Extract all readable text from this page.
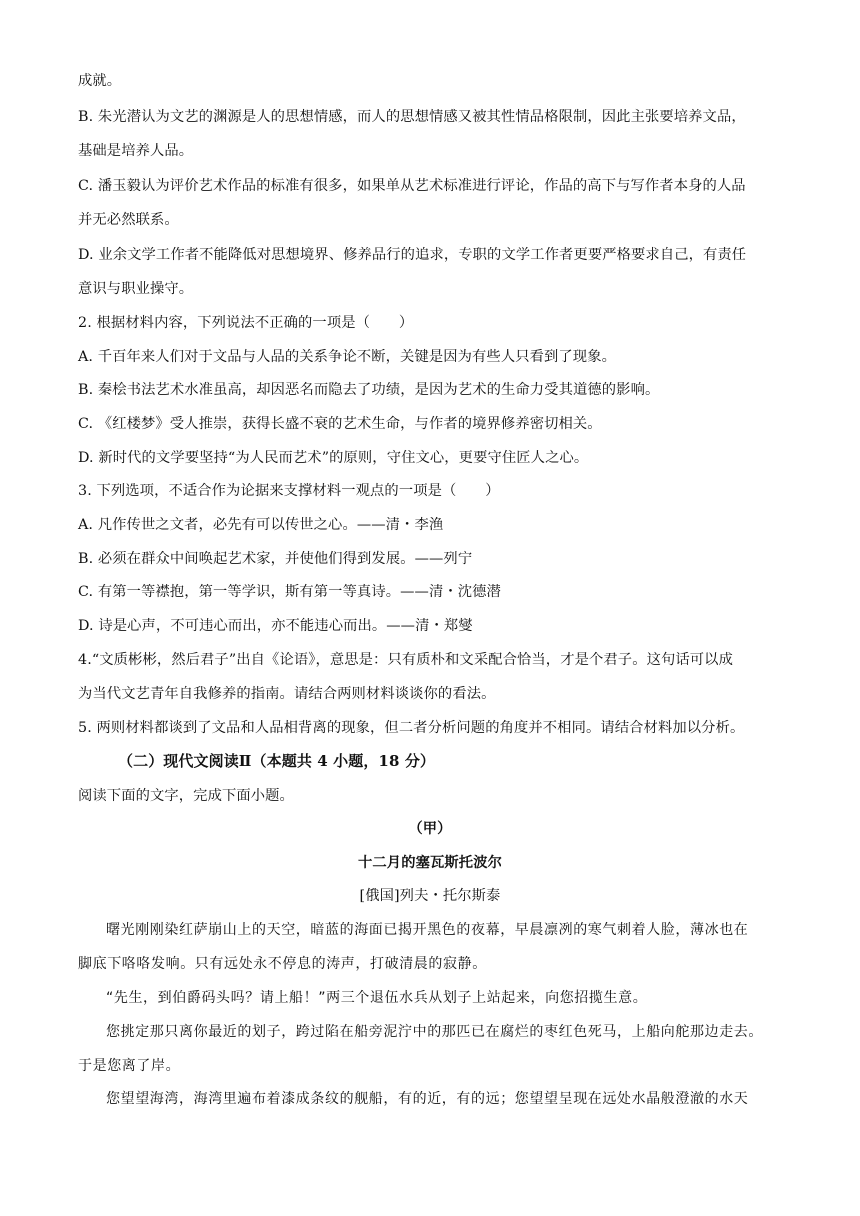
成就。
B. 朱光潜认为文艺的渊源是人的思想情感，而人的思想情感又被其性情品格限制，因此主张要培养文品，
基础是培养人品。
C. 潘玉毅认为评价艺术作品的标准有很多，如果单从艺术标准进行评论，作品的高下与写作者本身的人品
并无必然联系。
D. 业余文学工作者不能降低对思想境界、修养品行的追求，专职的文学工作者更要严格要求自己，有责任
意识与职业操守。
2. 根据材料内容，下列说法不正确的一项是（　　）
A. 千百年来人们对于文品与人品的关系争论不断，关键是因为有些人只看到了现象。
B. 秦桧书法艺术水准虽高，却因恶名而隐去了功绩，是因为艺术的生命力受其道德的影响。
C. 《红楼梦》受人推崇，获得长盛不衰的艺术生命，与作者的境界修养密切相关。
D. 新时代的文学要坚持“为人民而艺术”的原则，守住文心，更要守住匠人之心。
3. 下列选项，不适合作为论据来支撑材料一观点的一项是（　　）
A. 凡作传世之文者，必先有可以传世之心。——清・李渔
B. 必须在群众中间唤起艺术家，并使他们得到发展。——列宁
C. 有第一等襟抱，第一等学识，斯有第一等真诗。——清・沈德潜
D. 诗是心声，不可违心而出，亦不能违心而出。——清・郑燮
4.“文质彬彬，然后君子”出自《论语》，意思是：只有质朴和文采配合恰当，才是个君子。这句话可以成
为当代文艺青年自我修养的指南。请结合两则材料谈谈你的看法。
5. 两则材料都谈到了文品和人品相背离的现象，但二者分析问题的角度并不相同。请结合材料加以分析。
（二）现代文阅读Ⅱ（本题共 4 小题，18 分）
阅读下面的文字，完成下面小题。
（甲）
十二月的塞瓦斯托波尔
[俄国]列夫・托尔斯泰
曙光刚刚染红萨崩山上的天空，暗蓝的海面已揭开黑色的夜幕，早晨凛冽的寒气刺着人脸，薄冰也在
脚底下咯咯发响。只有远处永不停息的涛声，打破清晨的寂静。
“先生，到伯爵码头吗？请上船！”两三个退伍水兵从划子上站起来，向您招揽生意。
您挑定那只离你最近的划子，跨过陷在船旁泥泞中的那匹已在腐烂的枣红色死马，上船向舵那边走去。
于是您离了岸。
您望望海湾，海湾里遍布着漆成条纹的舰船，有的近，有的远；您望望呈现在远处水晶般澄澈的水天
